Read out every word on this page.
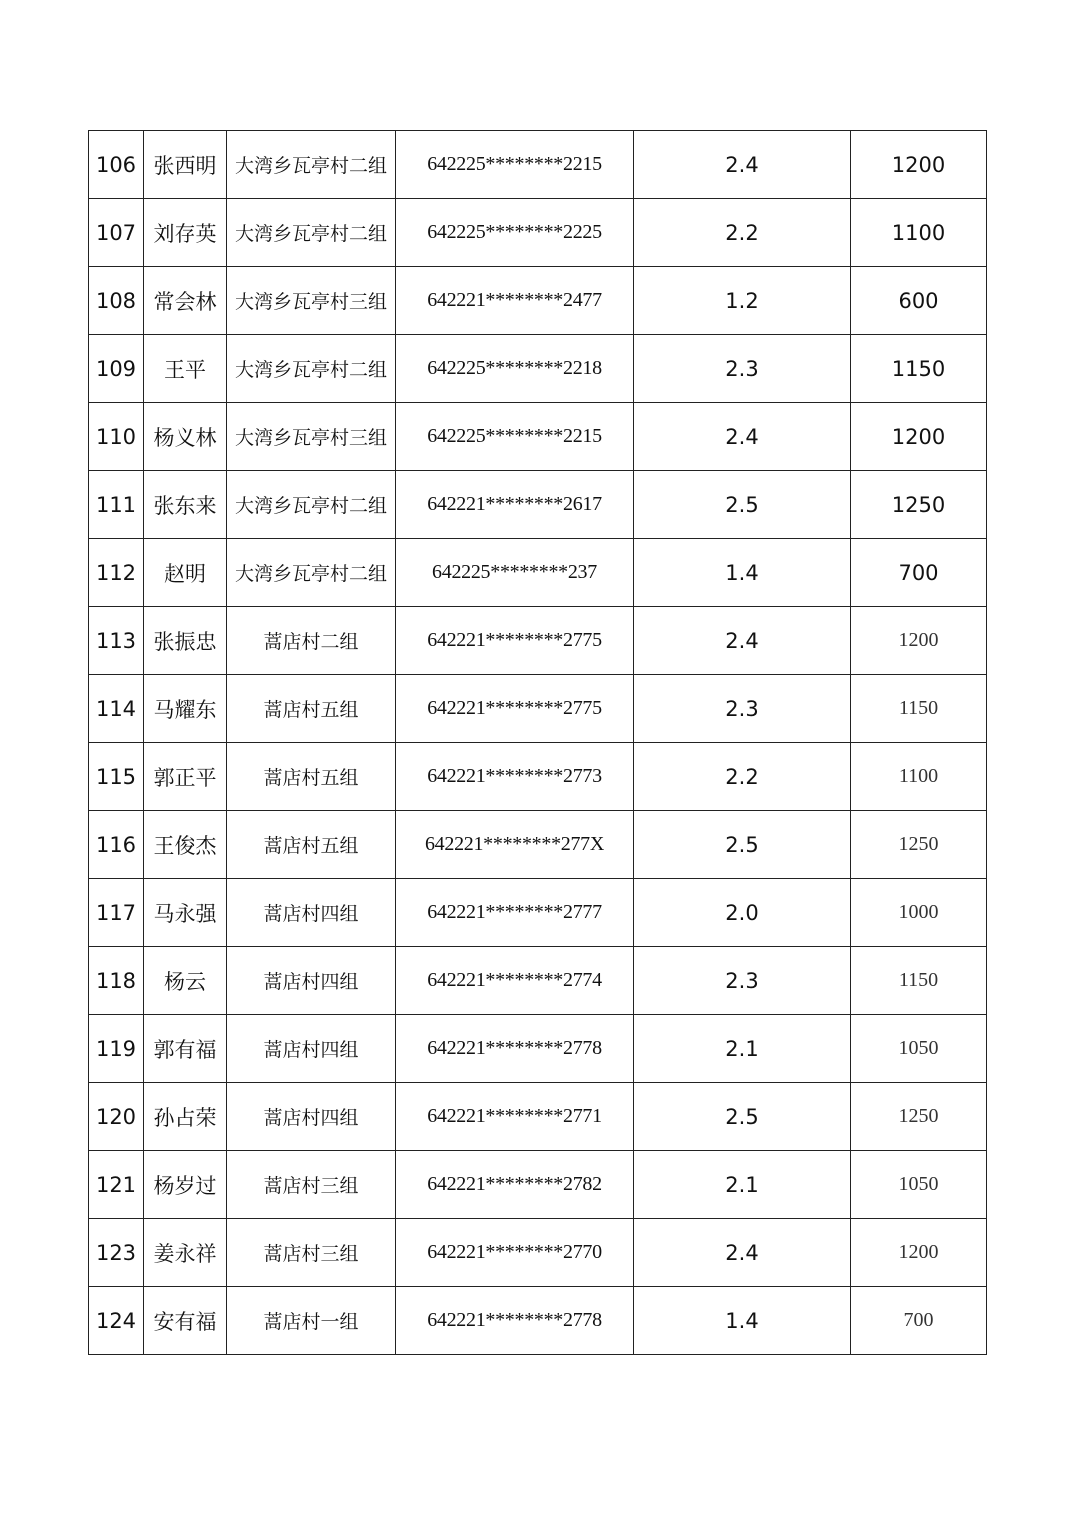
106	张西明	大湾乡瓦亭村二组	642225********2215	2.4	1200
107	刘存英	大湾乡瓦亭村二组	642225********2225	2.2	1100
108	常会林	大湾乡瓦亭村三组	642221********2477	1.2	600
109	王平	大湾乡瓦亭村二组	642225********2218	2.3	1150
110	杨义林	大湾乡瓦亭村三组	642225********2215	2.4	1200
111	张东来	大湾乡瓦亭村二组	642221********2617	2.5	1250
112	赵明	大湾乡瓦亭村二组	642225********237	1.4	700
113	张振忠	蒿店村二组	642221********2775	2.4	1200
114	马耀东	蒿店村五组	642221********2775	2.3	1150
115	郭正平	蒿店村五组	642221********2773	2.2	1100
116	王俊杰	蒿店村五组	642221********277X	2.5	1250
117	马永强	蒿店村四组	642221********2777	2.0	1000
118	杨云	蒿店村四组	642221********2774	2.3	1150
119	郭有福	蒿店村四组	642221********2778	2.1	1050
120	孙占荣	蒿店村四组	642221********2771	2.5	1250
121	杨岁过	蒿店村三组	642221********2782	2.1	1050
123	姜永祥	蒿店村三组	642221********2770	2.4	1200
124	安有福	蒿店村一组	642221********2778	1.4	700
